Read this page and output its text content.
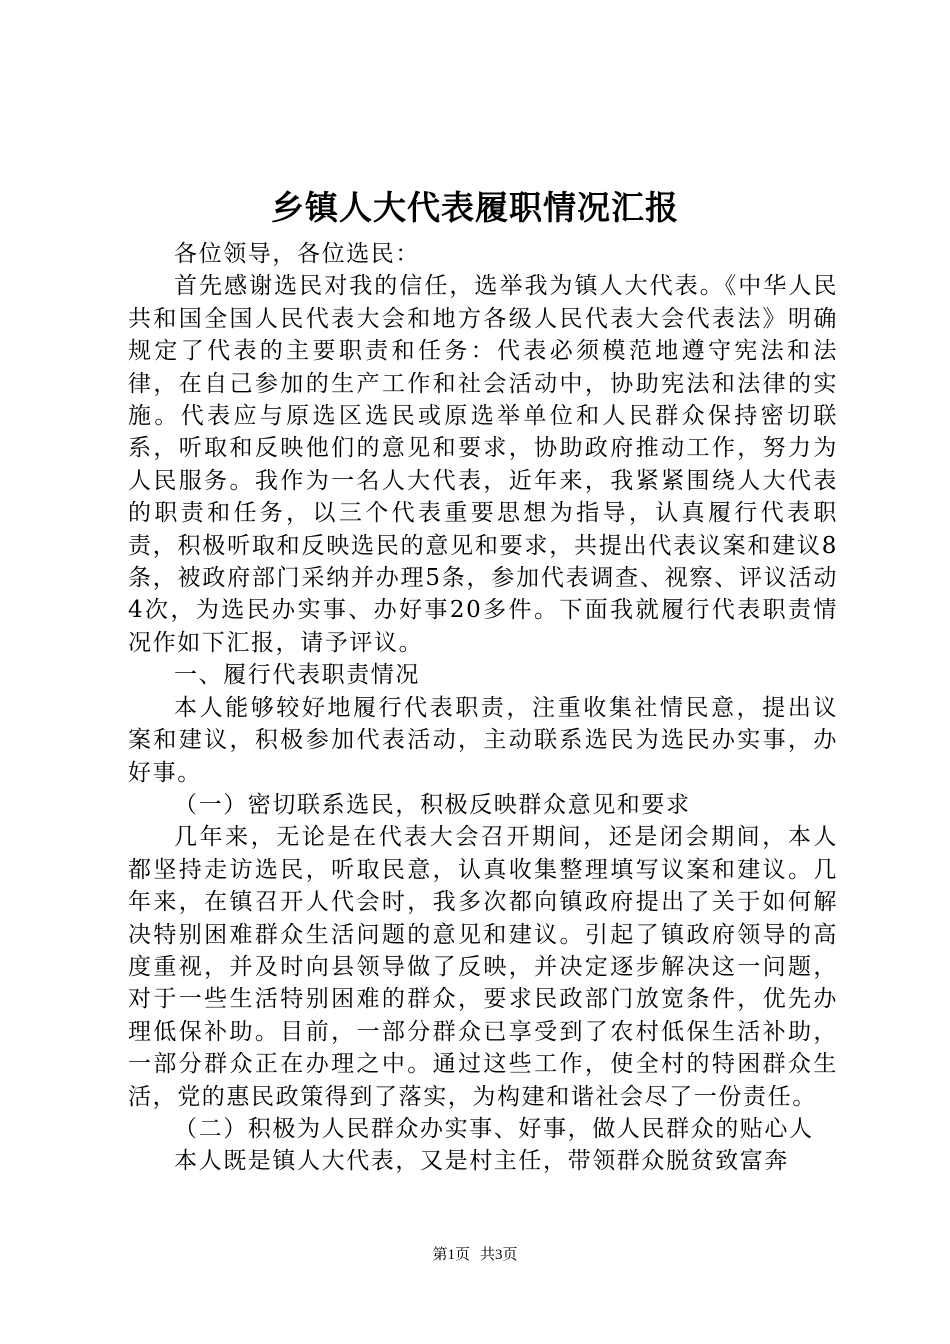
乡镇人大代表履职情况汇报

各位领导，各位选民：

首先感谢选民对我的信任，选举我为镇人大代表。《中华人民共和国全国人民代表大会和地方各级人民代表大会代表法》明确规定了代表的主要职责和任务：代表必须模范地遵守宪法和法律，在自己参加的生产工作和社会活动中，协助宪法和法律的实施。代表应与原选区选民或原选举单位和人民群众保持密切联系，听取和反映他们的意见和要求，协助政府推动工作，努力为人民服务。我作为一名人大代表，近年来，我紧紧围绕人大代表的职责和任务，以三个代表重要思想为指导，认真履行代表职责，积极听取和反映选民的意见和要求，共提出代表议案和建议8条，被政府部门采纳并办理5条，参加代表调查、视察、评议活动4次，为选民办实事、办好事20多件。下面我就履行代表职责情况作如下汇报，请予评议。

一、履行代表职责情况

本人能够较好地履行代表职责，注重收集社情民意，提出议案和建议，积极参加代表活动，主动联系选民为选民办实事，办好事。

（一）密切联系选民，积极反映群众意见和要求

几年来，无论是在代表大会召开期间，还是闭会期间，本人都坚持走访选民，听取民意，认真收集整理填写议案和建议。几年来，在镇召开人代会时，我多次都向镇政府提出了关于如何解决特别困难群众生活问题的意见和建议。引起了镇政府领导的高度重视，并及时向县领导做了反映，并决定逐步解决这一问题，对于一些生活特别困难的群众，要求民政部门放宽条件，优先办理低保补助。目前，一部分群众已享受到了农村低保生活补助，一部分群众正在办理之中。通过这些工作，使全村的特困群众生活，党的惠民政策得到了落实，为构建和谐社会尽了一份责任。

（二）积极为人民群众办实事、好事，做人民群众的贴心人

本人既是镇人大代表，又是村主任，带领群众脱贫致富奔

第1页 共3页
